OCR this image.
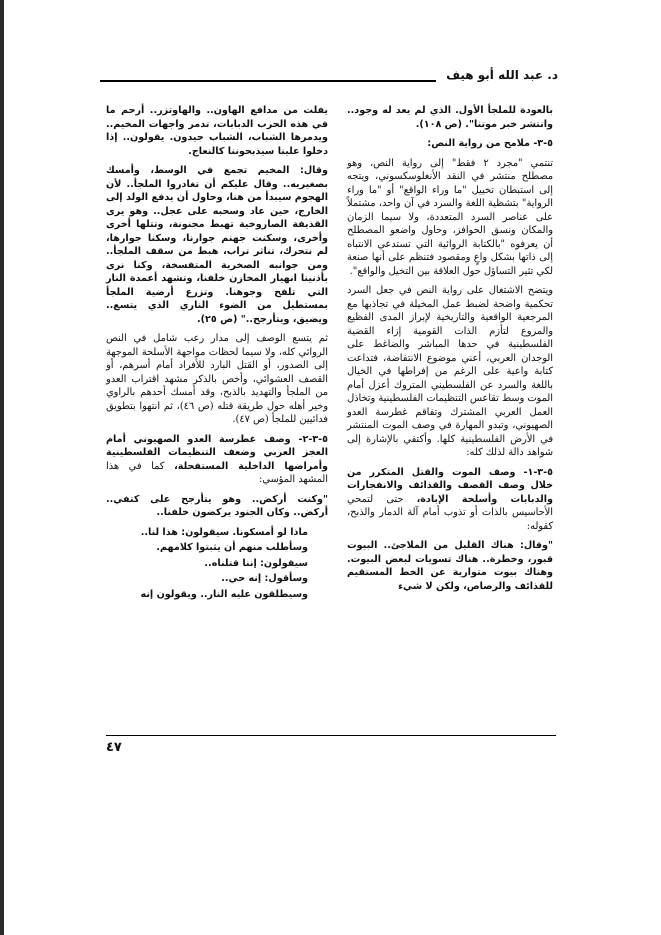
د. عبد الله أبو هيف

بالعودة للملجأ الأول. الذي لم يعد له وجود.. وانتشر خبر موتنا". (ص ١٠٨).

٥-٣- ملامح من رواية النص:

تنتمي "مجرد ٢ فقط" إلى رواية النص، وهو مصطلح منتشر في النقد الأنغلوسكسوني، ويتجه إلى استبطان تخييل "ما وراء الواقع" أو "ما وراء الرواية" بتشظية اللغة والسرد في آن واحد، مشتملاً على عناصر السرد المتعددة، ولا سيما الزمان والمكان ونسق الحوافز، وحاول واضعو المصطلح أن يعرفوه "بالكتابة الروائية التي تستدعي الانتباه إلى ذاتها بشكل واعٍ ومقصود فتنظم على أنها صنعة لكي تثير التساؤل حول العلاقة بين التخيل والواقع".

ويتضح الاشتغال على رواية النص في جعل السرد تحكمية واضحة لضبط عمل المخيلة في تجاذبها مع المرجعية الواقعية والتاريخية لإبراز المدى الفظيع والمروع لتأزم الذات القومية إزاء القضية الفلسطينية في حدها المباشر والضاغط على الوجدان العربي، أعني موضوع الانتفاضة، فتداعت كتابة واعية على الرغم من إفراطها في الخيال باللغة والسرد عن الفلسطيني المتروك أعزل أمام الموت وسط تقاعس التنظيمات الفلسطينية وتخاذل العمل العربي المشترك وتفاقم غطرسة العدو الصهيوني، وتبدو المهارة في وصف الموت المنتشر في الأرض الفلسطينية كلها. وأكتفي بالإشارة إلى شواهد دالة لذلك كله:

٥-٣-١- وصف الموت والقتل المتكرر من خلال وصف القصف والقذائف والانفجارات والدبابات وأسلحة الإبادة، حتى لتمحي الأحاسيس بالذات أو تذوب أمام آلة الدمار والذبح، كقوله:

"وقال: هناك القليل من الملاجئ.. البيوت قبور، وخطرة.. هناك تسويات لبعض البيوت. وهناك بيوت متوارية عن الخط المستقيم للقذائف والرصاص، ولكن لا شيء

يفلت من مدافع الهاون.. والهاوتزر.. أرحم ما في هذه الحرب الدبابات، تدمر واجهات المخيم.. ويدمرها الشباب، الشباب جيدون. يقولون.. إذا دخلوا علينا سيذبحوننا كالنعاج.

وقال: المخيم تجمع في الوسط، وأمسك بصغيريه.. وقال عليكم أن تغادروا الملجأ.. لأن الهجوم سيبدأ من هنا، وحاول أن يدفع الولد إلى الخارج، حين عاد وسحبه على عجل.. وهو يرى القذيفة الصاروخية تهبط مجنونة، وتتلها أخرى وأخرى، وسكنت جهنم جوارنا، وسكنا جوارها، لم نتحرك، تناثر تراب، هبط من سقف الملجأ.. ومن جوانبه الصخرية المتفسخة، وكنا نرى بأذنينا انهيار المخازن خلفنا، وتشهد أعمدة النار التي تلفح وجوهنا. وتزرع أرضية الملجأ بمستطيل من الضوء الناري الذي يتسع.. ويضيق، ويتأرجح.." (ص ٢٥).

ثم يتسع الوصف إلى مدار رعب شامل في النص الروائي كله، ولا سيما لحظات مواجهة الأسلحة الموجهة إلى الصدور، أو القتل البارد للأفراد أمام أسرهم، أو القصف العشوائي، وأخص بالذكر مشهد اقتراب العدو من الملجأ والتهديد بالذبح، وقد أمسك أحدهم بالراوي وخير أهله حول طريقة قتله (ص ٤٦)، ثم انتهوا بتطويق فدائيين للملجأ (ص ٤٧).

٥-٣-٢- وصف غطرسة العدو الصهيوني أمام العجز العربي وضعف التنظيمات الفلسطينية وأمراضها الداخلية المستفحلة، كما في هذا المشهد المؤسي:

"وكنت أركض.. وهو يتأرجح على كتفي.. أركض.. وكان الجنود يركضون خلفنا..

ماذا لو أمسكونا. سيقولون: هذا لنا..

وسأطلب منهم أن يثبتوا كلامهم.

سيقولون: إننا قتلناه..

وسأقول: إنه حي..

وسيطلقون عليه النار.. ويقولون إنه

٤٧
